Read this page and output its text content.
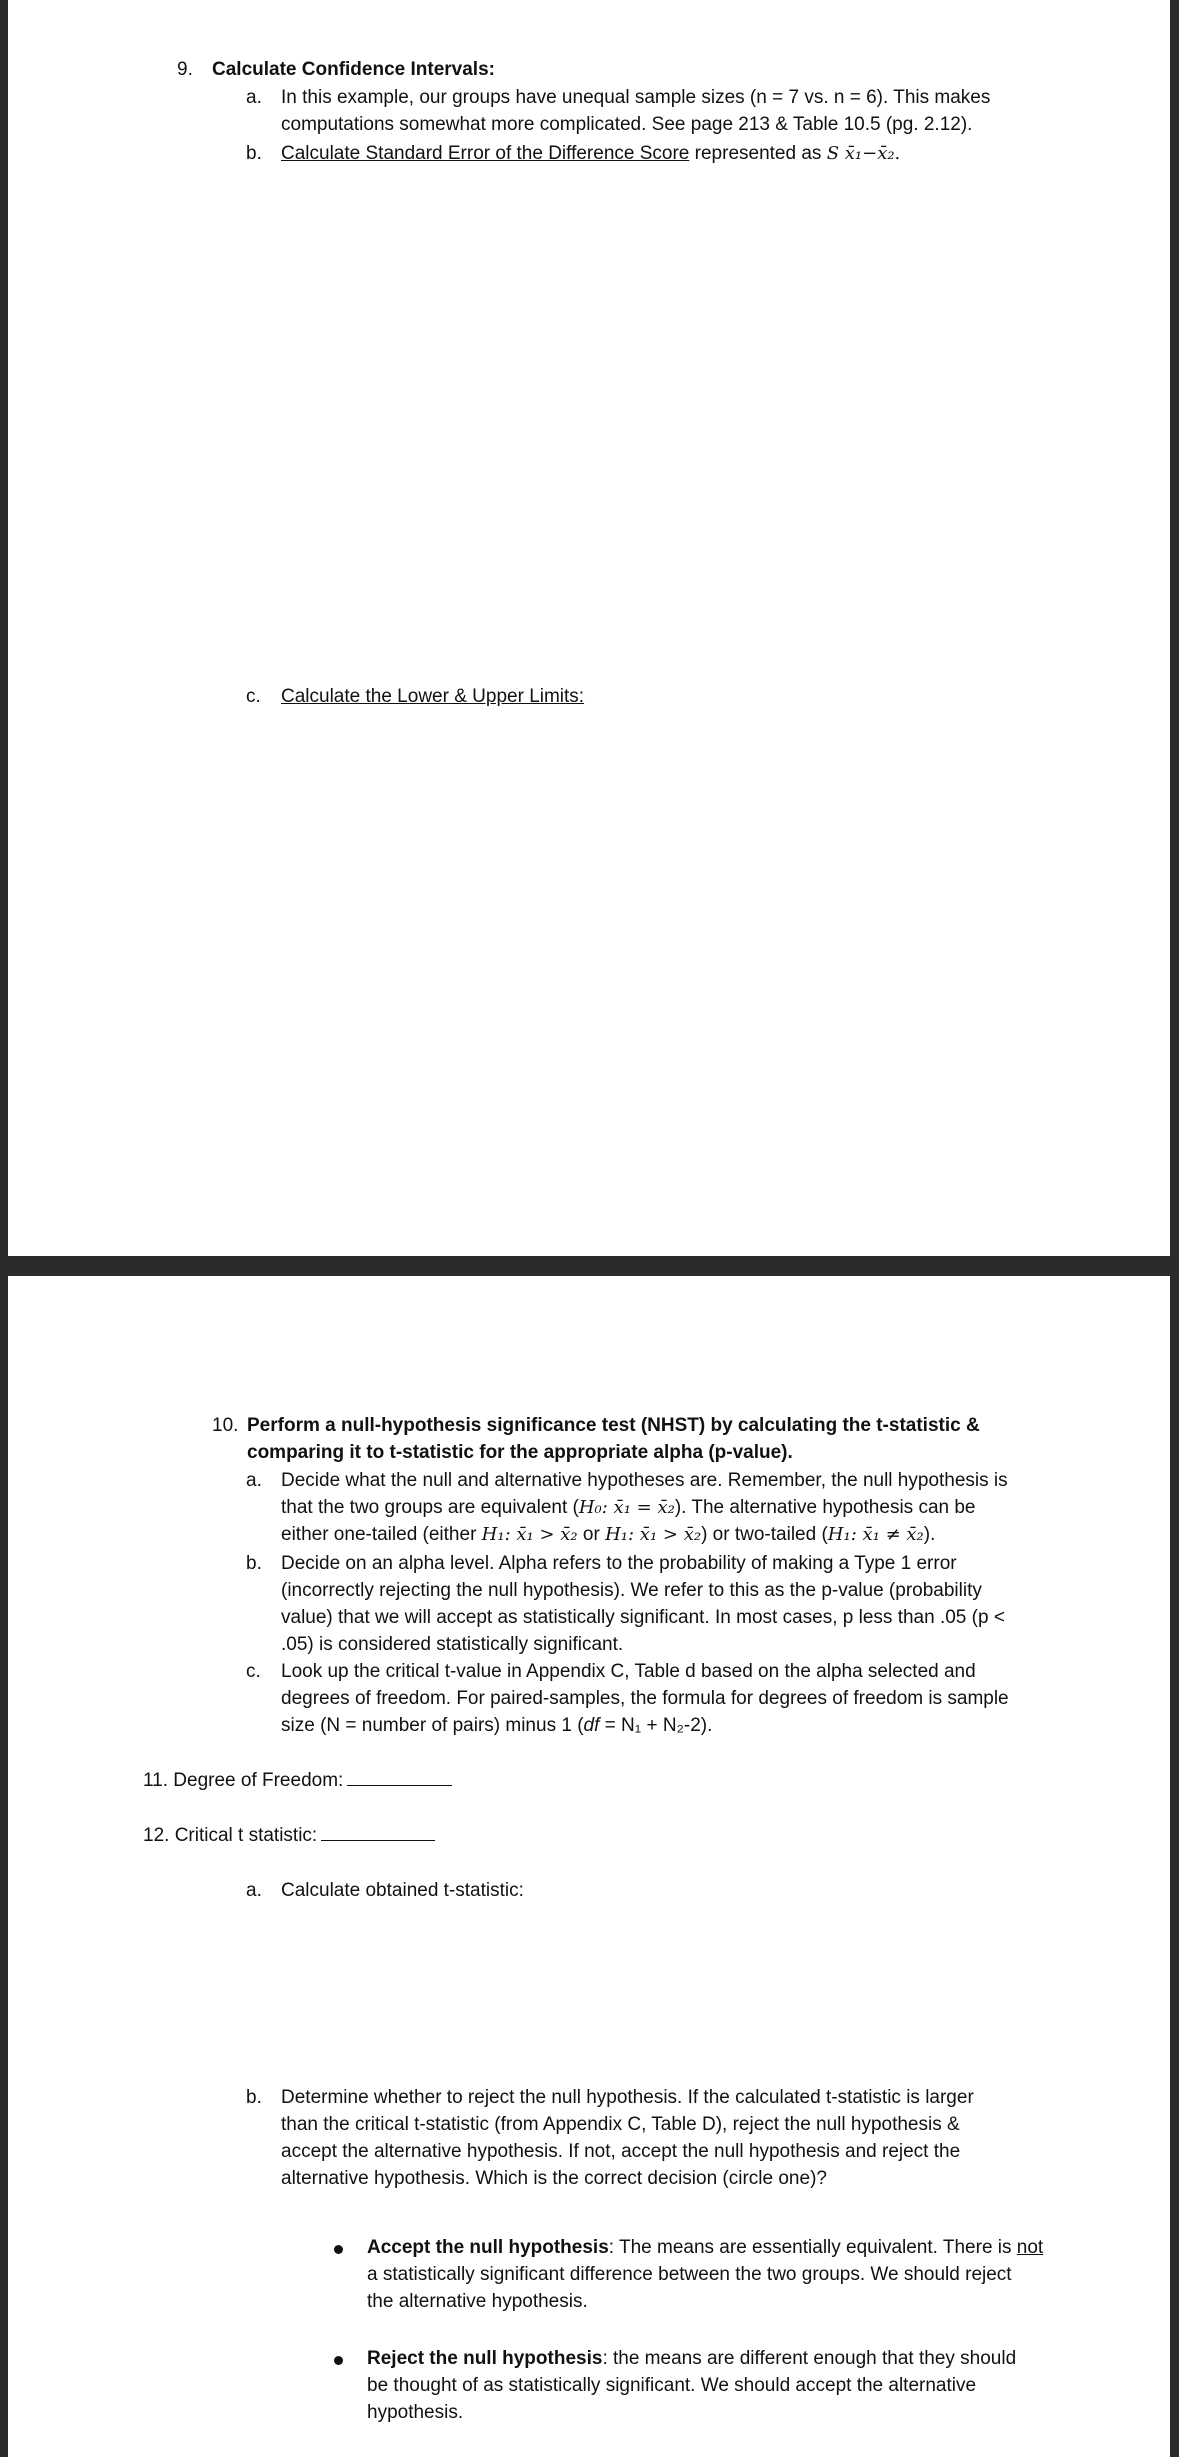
9. Calculate Confidence Intervals:
a. In this example, our groups have unequal sample sizes (n = 7 vs. n = 6). This makes
computations somewhat more complicated. See page 213 & Table 10.5 (pg. 2.12).
b. Calculate Standard Error of the Difference Score represented as S x̄₁−x̄₂.
c. Calculate the Lower & Upper Limits:
10. Perform a null-hypothesis significance test (NHST) by calculating the t-statistic &
comparing it to t-statistic for the appropriate alpha (p-value).
a. Decide what the null and alternative hypotheses are. Remember, the null hypothesis is
that the two groups are equivalent (H₀: x̄₁ = x̄₂). The alternative hypothesis can be
either one-tailed (either H₁: x̄₁ > x̄₂ or H₁: x̄₁ > x̄₂) or two-tailed (H₁: x̄₁ ≠ x̄₂).
b. Decide on an alpha level. Alpha refers to the probability of making a Type 1 error
(incorrectly rejecting the null hypothesis). We refer to this as the p-value (probability
value) that we will accept as statistically significant. In most cases, p less than .05 (p <
.05) is considered statistically significant.
c. Look up the critical t-value in Appendix C, Table d based on the alpha selected and
degrees of freedom. For paired-samples, the formula for degrees of freedom is sample
size (N = number of pairs) minus 1 (df = N₁ + N₂-2).
11. Degree of Freedom:
12. Critical t statistic:
a. Calculate obtained t-statistic:
b. Determine whether to reject the null hypothesis. If the calculated t-statistic is larger
than the critical t-statistic (from Appendix C, Table D), reject the null hypothesis &
accept the alternative hypothesis. If not, accept the null hypothesis and reject the
alternative hypothesis. Which is the correct decision (circle one)?
Accept the null hypothesis: The means are essentially equivalent. There is not
a statistically significant difference between the two groups. We should reject
the alternative hypothesis.
Reject the null hypothesis: the means are different enough that they should
be thought of as statistically significant. We should accept the alternative
hypothesis.
